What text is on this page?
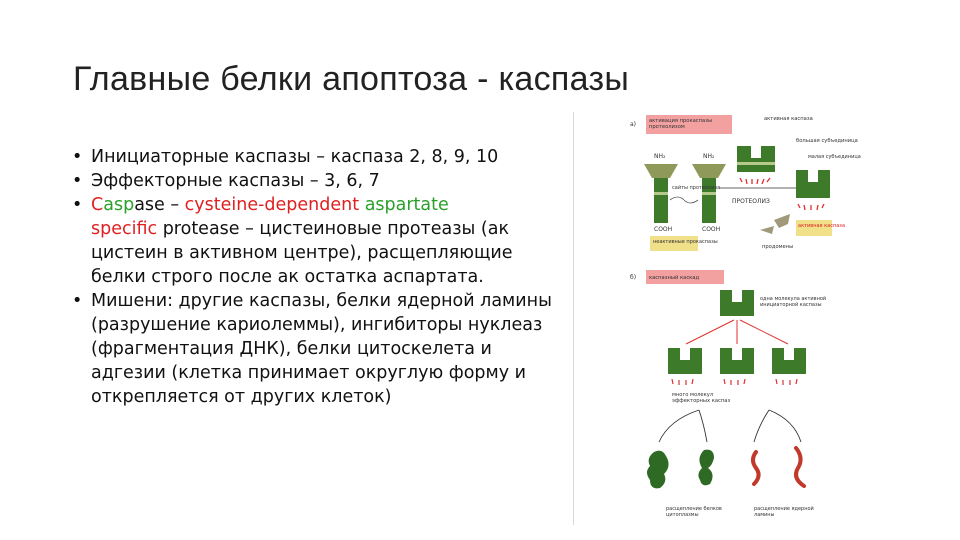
Главные белки апоптоза - каспазы
• Инициаторные каспазы – каспаза 2, 8, 9, 10
• Эффекторные каспазы – 3, 6, 7
• Caspase – cysteine-dependent aspartate
specific protease – цистеиновые протеазы (ак цистеин в активном центре), расщепляющие белки строго после ак остатка аспартата.
• Мишени: другие каспазы, белки ядерной ламины (разрушение кариолеммы), ингибиторы нуклеаз (фрагментация ДНК), белки цитоскелета и адгезии (клетка принимает округлую форму и открепляется от других клеток)
а) активация прокаспазы протеолизом
активная каспаза
большая субъединица
малая субъединица
NH₂	NH₂
сайты протеолиза
COOH	COOH
неактивные прокаспазы
ПРОТЕОЛИЗ
активная каспаза
продомены
б) каспазный каскад
одна молекула активной инициаторной каспазы
много молекул эффекторных каспаз
расщепление белков цитоплазмы
расщепление ядерной ламины
